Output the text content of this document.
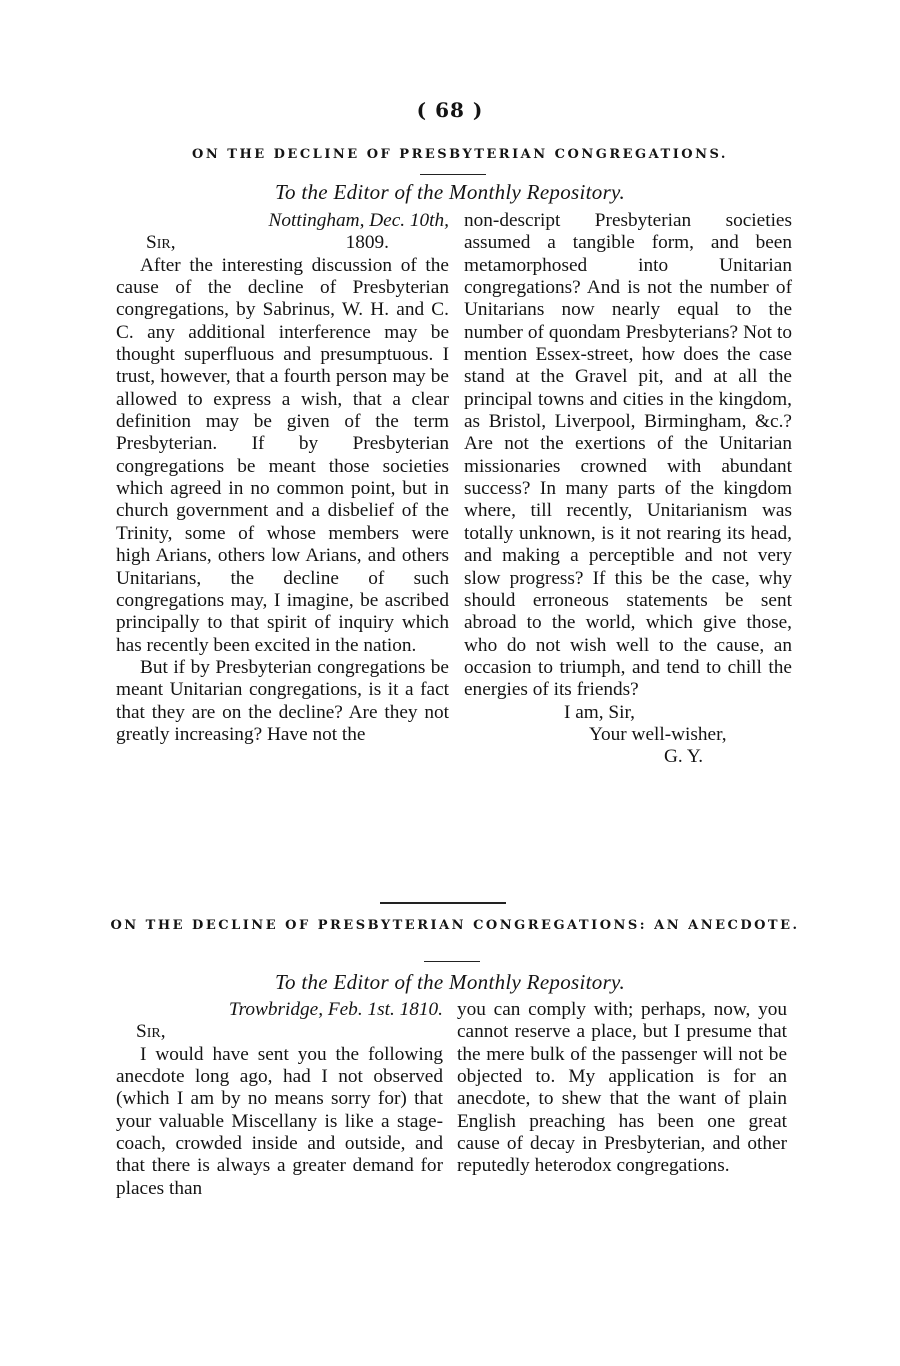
( 68 )
ON THE DECLINE OF PRESBYTERIAN CONGREGATIONS.
To the Editor of the Monthly Repository.
Nottingham, Dec. 10th,
Sir,	1809.

After the interesting discussion of the cause of the decline of Presbyterian congregations, by Sabrinus, W. H. and C. C. any additional interference may be thought superfluous and presumptuous. I trust, however, that a fourth person may be allowed to express a wish, that a clear definition may be given of the term Presbyterian. If by Presbyterian congregations be meant those societies which agreed in no common point, but in church government and a disbelief of the Trinity, some of whose members were high Arians, others low Arians, and others Unitarians, the decline of such congregations may, I imagine, be ascribed principally to that spirit of inquiry which has recently been excited in the nation.

But if by Presbyterian congregations be meant Unitarian congregations, is it a fact that they are on the decline? Are they not greatly increasing? Have not the

non-descript Presbyterian societies assumed a tangible form, and been metamorphosed into Unitarian congregations? And is not the number of Unitarians now nearly equal to the number of quondam Presbyterians? Not to mention Essex-street, how does the case stand at the Gravel pit, and at all the principal towns and cities in the kingdom, as Bristol, Liverpool, Birmingham, &c.? Are not the exertions of the Unitarian missionaries crowned with abundant success? In many parts of the kingdom where, till recently, Unitarianism was totally unknown, is it not rearing its head, and making a perceptible and not very slow progress? If this be the case, why should erroneous statements be sent abroad to the world, which give those, who do not wish well to the cause, an occasion to triumph, and tend to chill the energies of its friends?

I am, Sir,
Your well-wisher,
G. Y.
ON THE DECLINE OF PRESBYTERIAN CONGREGATIONS: AN ANECDOTE.
To the Editor of the Monthly Repository.
Trowbridge, Feb. 1st. 1810.
Sir,

I would have sent you the following anecdote long ago, had I not observed (which I am by no means sorry for) that your valuable Miscellany is like a stage-coach, crowded inside and outside, and that there is always a greater demand for places than

you can comply with; perhaps, now, you cannot reserve a place, but I presume that the mere bulk of the passenger will not be objected to. My application is for an anecdote, to shew that the want of plain English preaching has been one great cause of decay in Presbyterian, and other reputedly heterodox congregations.
